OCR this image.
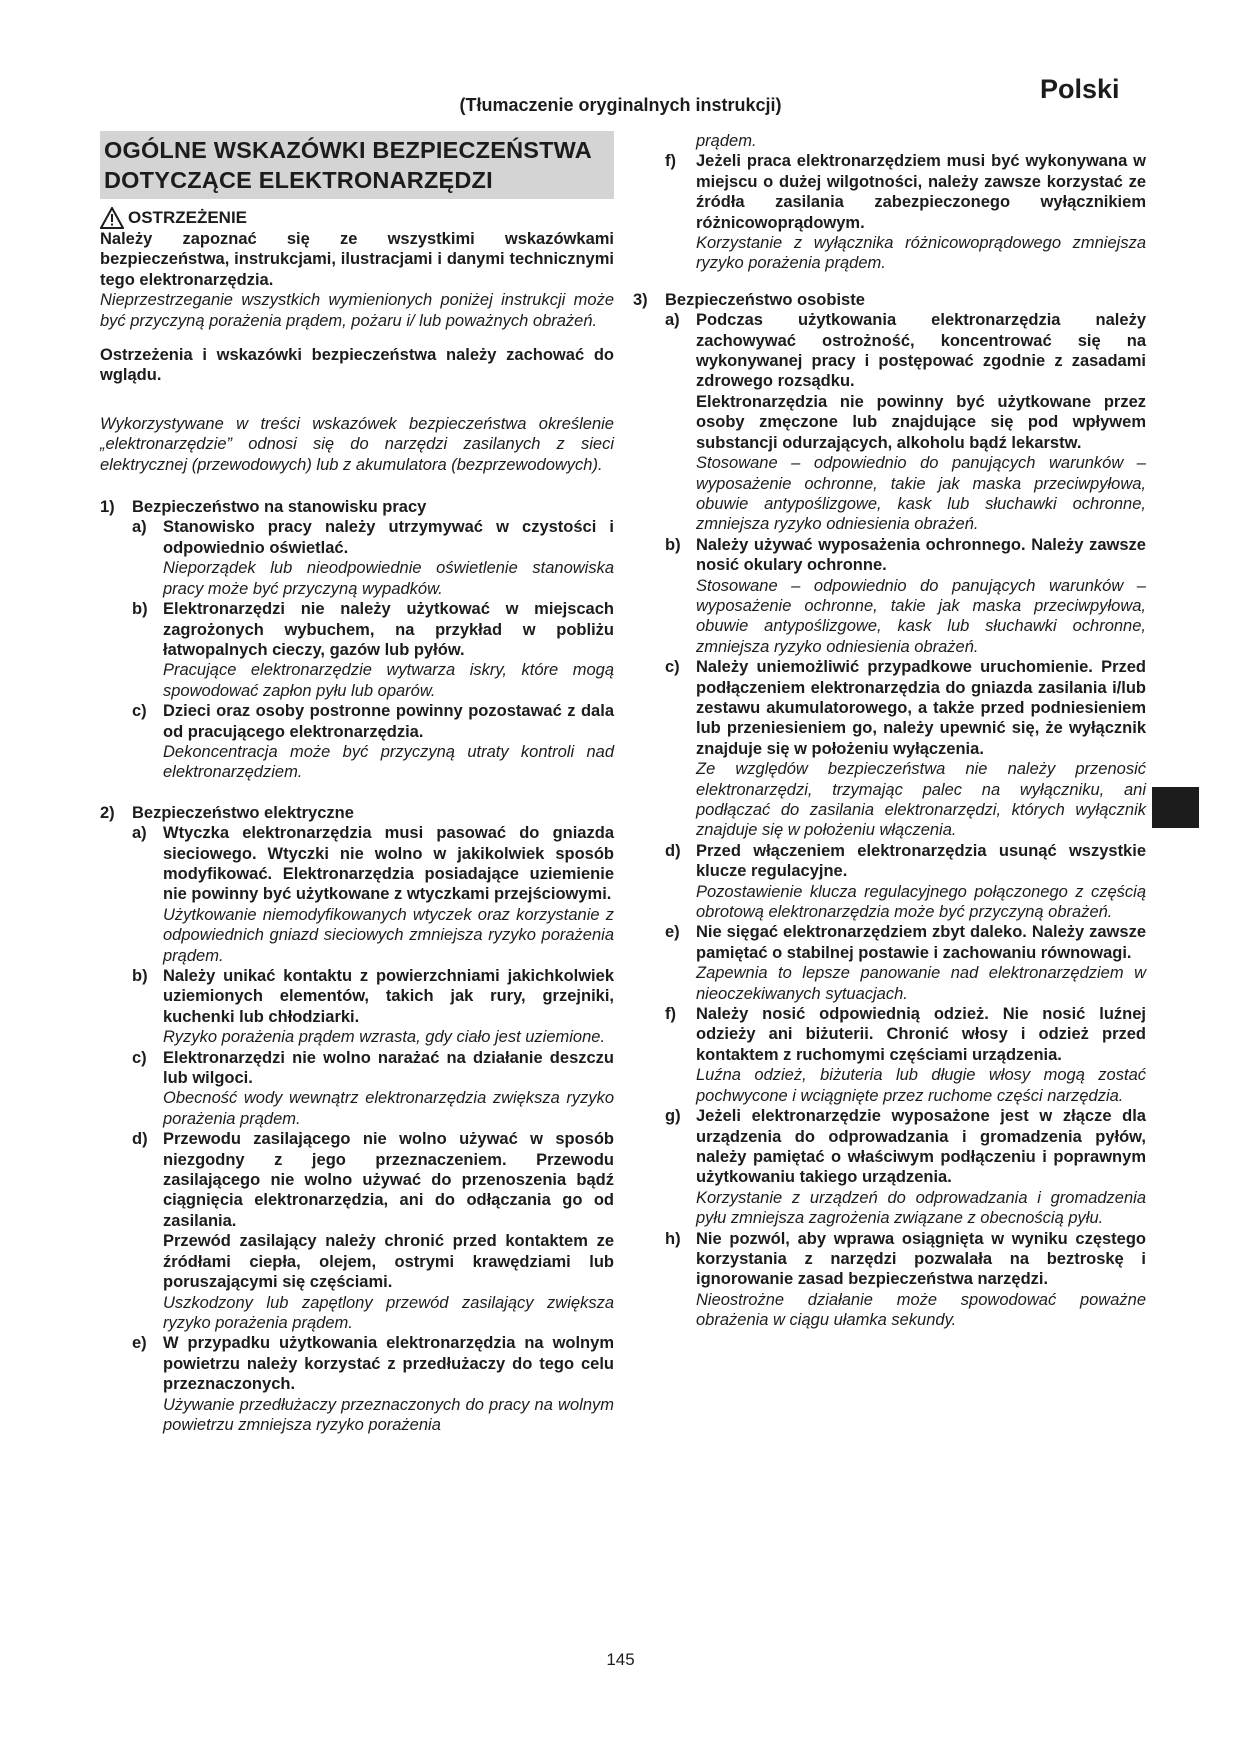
Polski
(Tłumaczenie oryginalnych instrukcji)
OGÓLNE WSKAZÓWKI BEZPIECZEŃSTWA DOTYCZĄCE ELEKTRONARZĘDZI
OSTRZEŻENIE

Należy zapoznać się ze wszystkimi wskazówkami bezpieczeństwa, instrukcjami, ilustracjami i danymi technicznymi tego elektronarzędzia.

Nieprzestrzeganie wszystkich wymienionych poniżej instrukcji może być przyczyną porażenia prądem, pożaru i/ lub poważnych obrażeń.

Ostrzeżenia i wskazówki bezpieczeństwa należy zachować do wglądu.

Wykorzystywane w treści wskazówek bezpieczeństwa określenie „elektronarzędzie” odnosi się do narzędzi zasilanych z sieci elektrycznej (przewodowych) lub z akumulatora (bezprzewodowych).

1)	Bezpieczeństwo na stanowisku pracy
a) Stanowisko pracy należy utrzymywać w czystości i odpowiednio oświetlać.

Nieporządek lub nieodpowiednie oświetlenie stanowiska pracy może być przyczyną wypadków.

b) Elektronarzędzi nie należy użytkować w miejscach zagrożonych wybuchem, na przykład w pobliżu łatwopalnych cieczy, gazów lub pyłów.

Pracujące elektronarzędzie wytwarza iskry, które mogą spowodować zapłon pyłu lub oparów.

c) Dzieci oraz osoby postronne powinny pozostawać z dala od pracującego elektronarzędzia.

Dekoncentracja może być przyczyną utraty kontroli nad elektronarzędziem.

2)	Bezpieczeństwo elektryczne
a) Wtyczka elektronarzędzia musi pasować do gniazda sieciowego. Wtyczki nie wolno w jakikolwiek sposób modyfikować. Elektronarzędzia posiadające uziemienie nie powinny być użytkowane z wtyczkami przejściowymi.

Użytkowanie niemodyfikowanych wtyczek oraz korzystanie z odpowiednich gniazd sieciowych zmniejsza ryzyko porażenia prądem.

b) Należy unikać kontaktu z powierzchniami jakichkolwiek uziemionych elementów, takich jak rury, grzejniki, kuchenki lub chłodziarki.

Ryzyko porażenia prądem wzrasta, gdy ciało jest uziemione.

c) Elektronarzędzi nie wolno narażać na działanie deszczu lub wilgoci.

Obecność wody wewnątrz elektronarzędzia zwiększa ryzyko porażenia prądem.

d) Przewodu zasilającego nie wolno używać w sposób niezgodny z jego przeznaczeniem. Przewodu zasilającego nie wolno używać do przenoszenia bądź ciągnięcia elektronarzędzia, ani do odłączania go od zasilania.

Przewód zasilający należy chronić przed kontaktem ze źródłami ciepła, olejem, ostrymi krawędziami lub poruszającymi się częściami.

Uszkodzony lub zapętlony przewód zasilający zwiększa ryzyko porażenia prądem.

e) W przypadku użytkowania elektronarzędzia na wolnym powietrzu należy korzystać z przedłużaczy do tego celu przeznaczonych.

Używanie przedłużaczy przeznaczonych do pracy na wolnym powietrzu zmniejsza ryzyko porażenia

prądem.

f)	Jeżeli praca elektronarzędziem musi być wykonywana w miejscu o dużej wilgotności, należy zawsze korzystać ze źródła zasilania zabezpieczonego wyłącznikiem różnicowoprądowym.

Korzystanie z wyłącznika różnicowoprądowego zmniejsza ryzyko porażenia prądem.

3)	Bezpieczeństwo osobiste
a) Podczas użytkowania elektronarzędzia należy zachowywać ostrożność, koncentrować się na wykonywanej pracy i postępować zgodnie z zasadami zdrowego rozsądku.

Elektronarzędzia nie powinny być użytkowane przez osoby zmęczone lub znajdujące się pod wpływem substancji odurzających, alkoholu bądź lekarstw.

Stosowane – odpowiednio do panujących warunków – wyposażenie ochronne, takie jak maska przeciwpyłowa, obuwie antypoślizgowe, kask lub słuchawki ochronne, zmniejsza ryzyko odniesienia obrażeń.

b) Należy używać wyposażenia ochronnego. Należy zawsze nosić okulary ochronne.

Stosowane – odpowiednio do panujących warunków – wyposażenie ochronne, takie jak maska przeciwpyłowa, obuwie antypoślizgowe, kask lub słuchawki ochronne, zmniejsza ryzyko odniesienia obrażeń.

c) Należy uniemożliwić przypadkowe uruchomienie. Przed podłączeniem elektronarzędzia do gniazda zasilania i/lub zestawu akumulatorowego, a także przed podniesieniem lub przeniesieniem go, należy upewnić się, że wyłącznik znajduje się w położeniu wyłączenia.

Ze względów bezpieczeństwa nie należy przenosić elektronarzędzi, trzymając palec na wyłączniku, ani podłączać do zasilania elektronarzędzi, których wyłącznik znajduje się w położeniu włączenia.

d) Przed włączeniem elektronarzędzia usunąć wszystkie klucze regulacyjne.

Pozostawienie klucza regulacyjnego połączonego z częścią obrotową elektronarzędzia może być przyczyną obrażeń.

e) Nie sięgać elektronarzędziem zbyt daleko. Należy zawsze pamiętać o stabilnej postawie i zachowaniu równowagi.

Zapewnia to lepsze panowanie nad elektronarzędziem w nieoczekiwanych sytuacjach.

f)	Należy nosić odpowiednią odzież. Nie nosić luźnej odzieży ani biżuterii. Chronić włosy i odzież przed kontaktem z ruchomymi częściami urządzenia.

Luźna odzież, biżuteria lub długie włosy mogą zostać pochwycone i wciągnięte przez ruchome części narzędzia.

g) Jeżeli elektronarzędzie wyposażone jest w złącze dla urządzenia do odprowadzania i gromadzenia pyłów, należy pamiętać o właściwym podłączeniu i poprawnym użytkowaniu takiego urządzenia.

Korzystanie z urządzeń do odprowadzania i gromadzenia pyłu zmniejsza zagrożenia związane z obecnością pyłu.

h) Nie pozwól, aby wprawa osiągnięta w wyniku częstego korzystania z narzędzi pozwalała na beztroskę i ignorowanie zasad bezpieczeństwa narzędzi.

Nieostrożne działanie może spowodować poważne obrażenia w ciągu ułamka sekundy.

145
